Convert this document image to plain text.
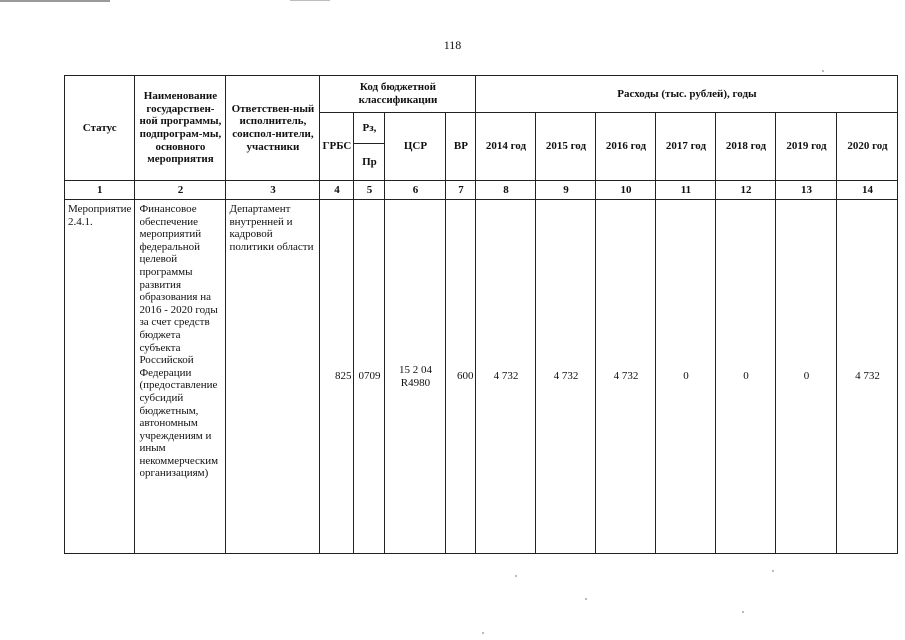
118
Статус	Наименование государствен-ной программы, подпрограм-мы, основного мероприятия	Ответствен-ный исполнитель, соиспол-нители, участники	Код бюджетной классификации				Расходы (тыс. рублей), годы						
			ГРБС	Рз,	ЦСР	ВР	2014 год	2015 год	2016 год	2017 год	2018 год	2019 год	2020 год
				Пр									
1	2	3	4	5	6	7	8	9	10	11	12	13	14
Мероприятие 2.4.1.	Финансовое обеспечение мероприятий федеральной целевой программы развития образования на 2016 - 2020 годы за счет средств бюджета субъекта Российской Федерации (предоставление субсидий бюджетным, автономным учреждениям и иным некоммерческим организациям)	Департамент внутренней и кадровой политики области	825	0709	15 2 04 R4980	600	4 732	4 732	4 732	0	0	0	4 732
